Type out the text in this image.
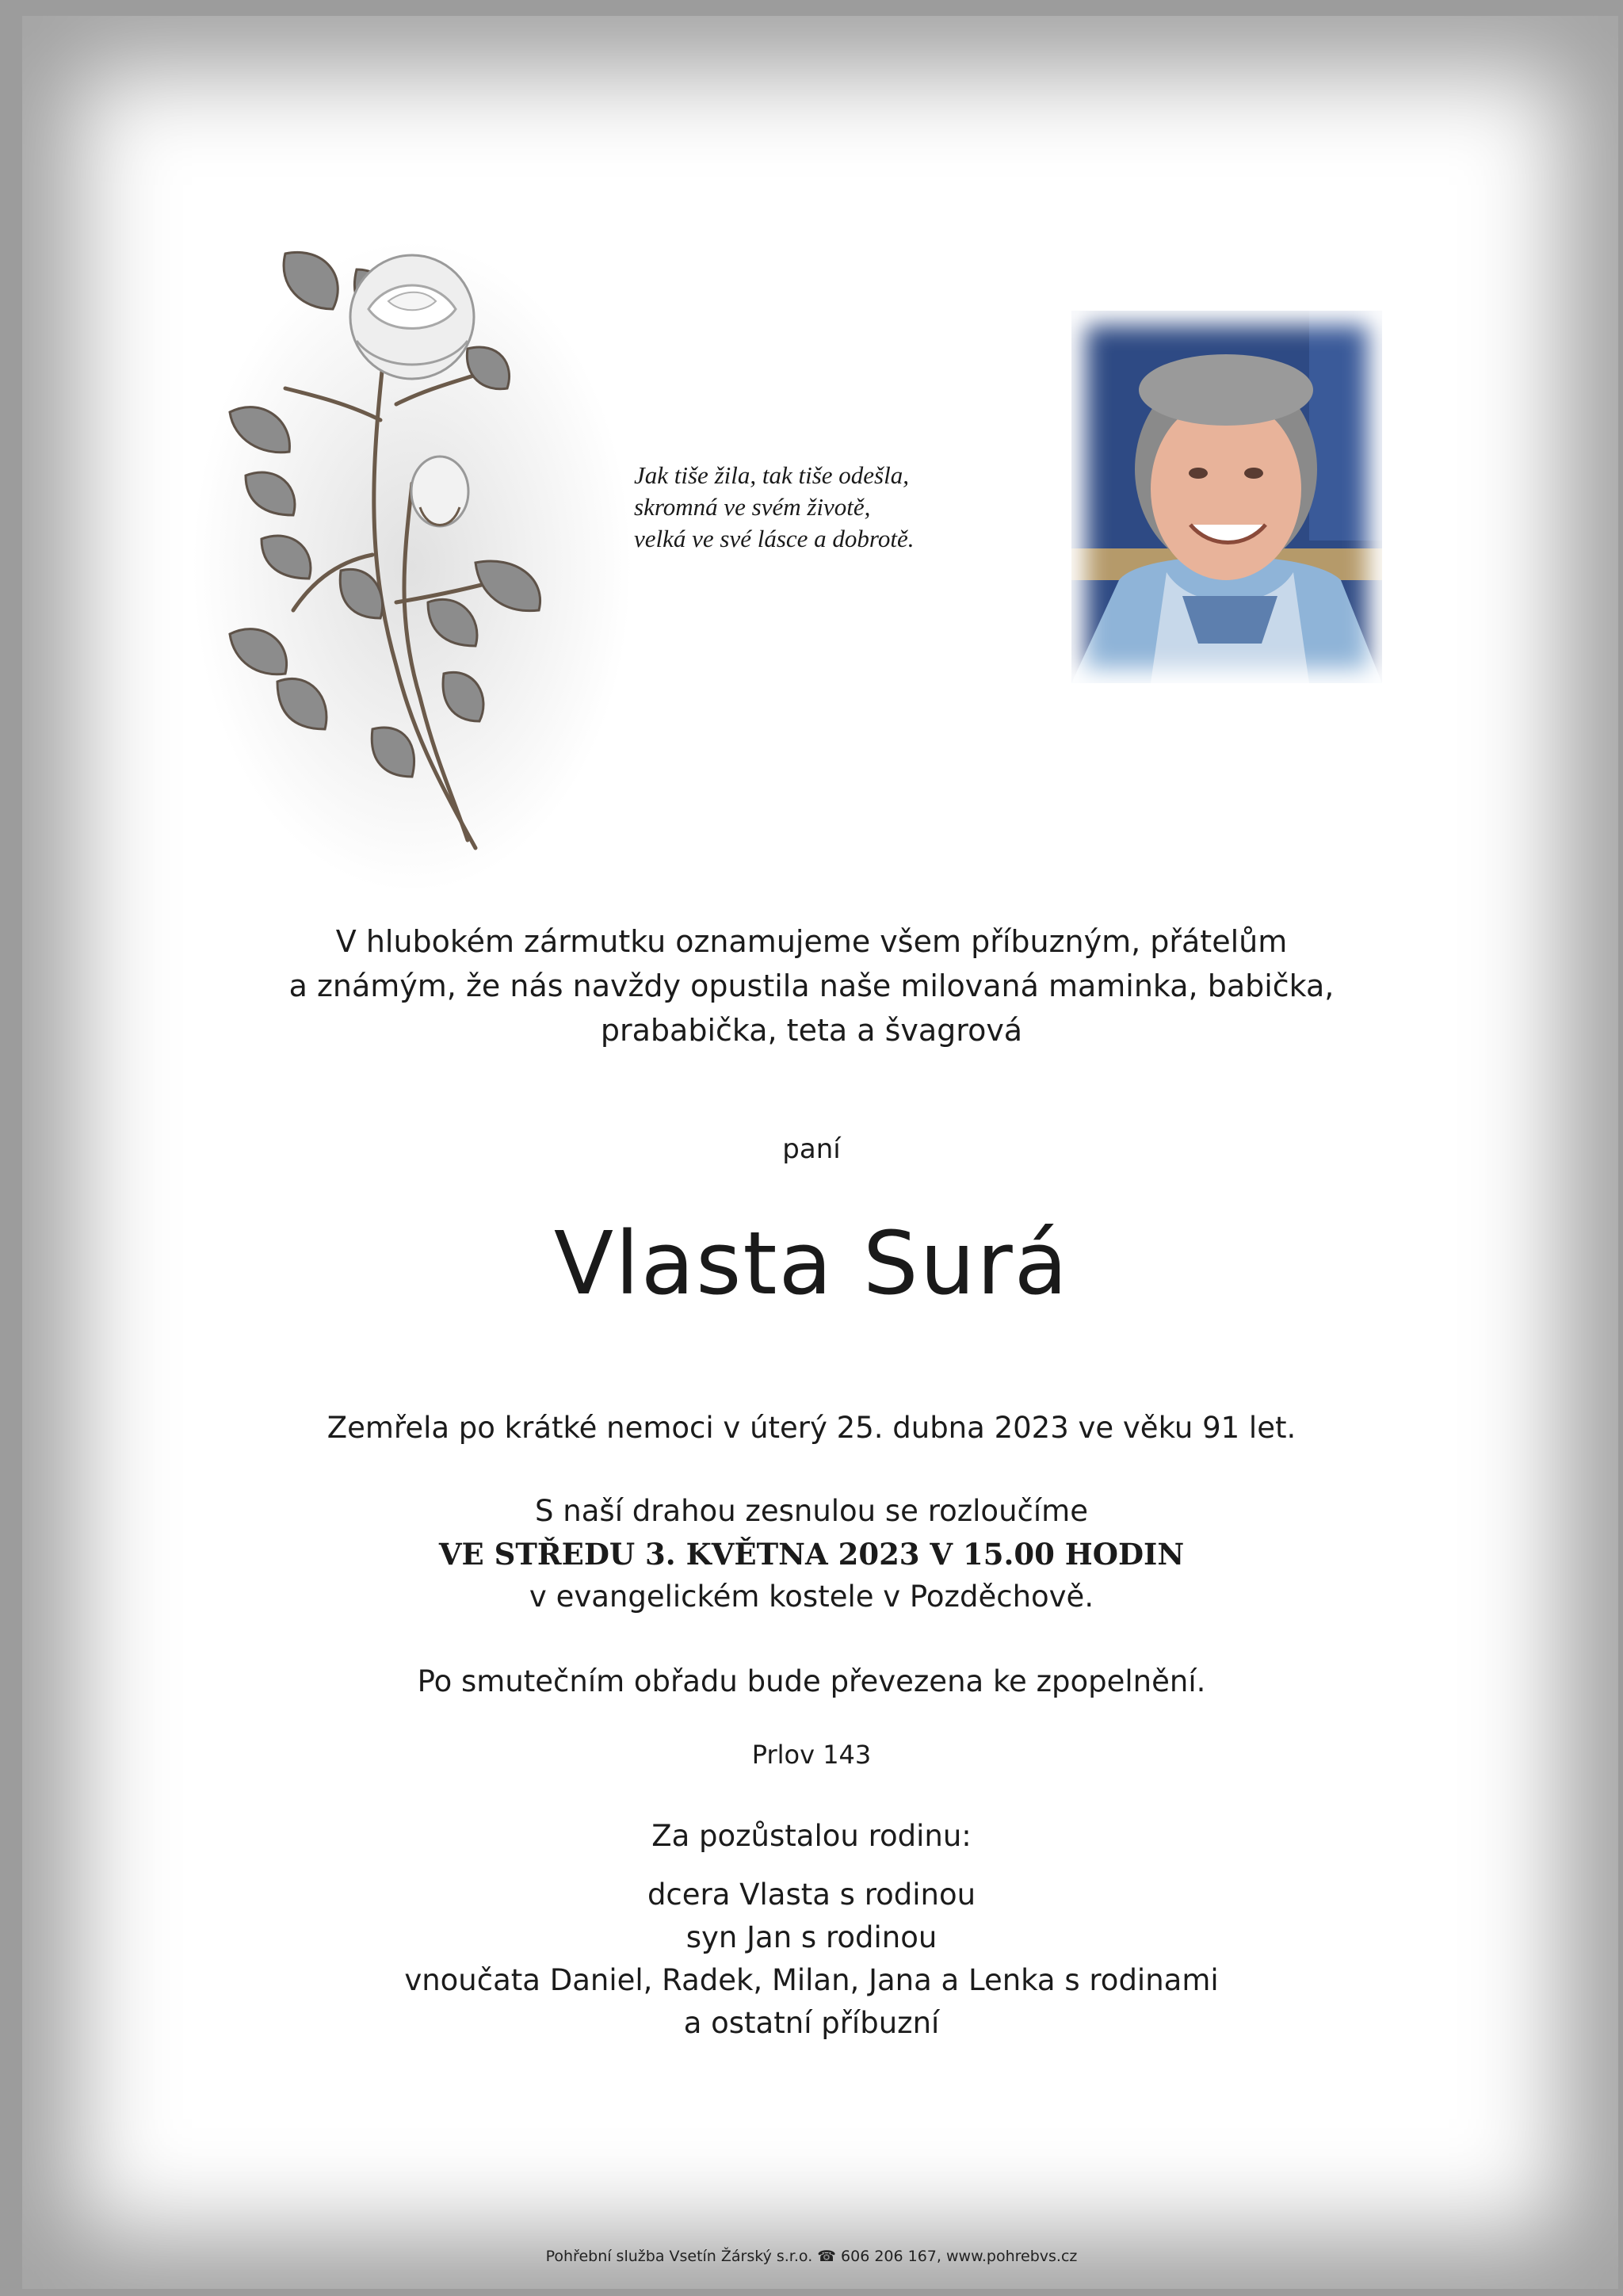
Jak tiše žila, tak tiše odešla,
skromná ve svém životě,
velká ve své lásce a dobrotě.
V hlubokém zármutku oznamujeme všem příbuzným, přátelům
a známým, že nás navždy opustila naše milovaná maminka, babička,
prababička, teta a švagrová
paní
Vlasta Surá
Zemřela po krátké nemoci v úterý 25. dubna 2023 ve věku 91 let.
S naší drahou zesnulou se rozloučíme
VE STŘEDU 3. KVĚTNA 2023 V 15.00 HODIN
v evangelickém kostele v Pozděchově.
Po smutečním obřadu bude převezena ke zpopelnění.
Prlov 143
Za pozůstalou rodinu:
dcera Vlasta s rodinou
syn Jan s rodinou
vnoučata Daniel, Radek, Milan, Jana a Lenka s rodinami
a ostatní příbuzní
Pohřební služba Vsetín Žárský s.r.o. ☎ 606 206 167, www.pohrebvs.cz
